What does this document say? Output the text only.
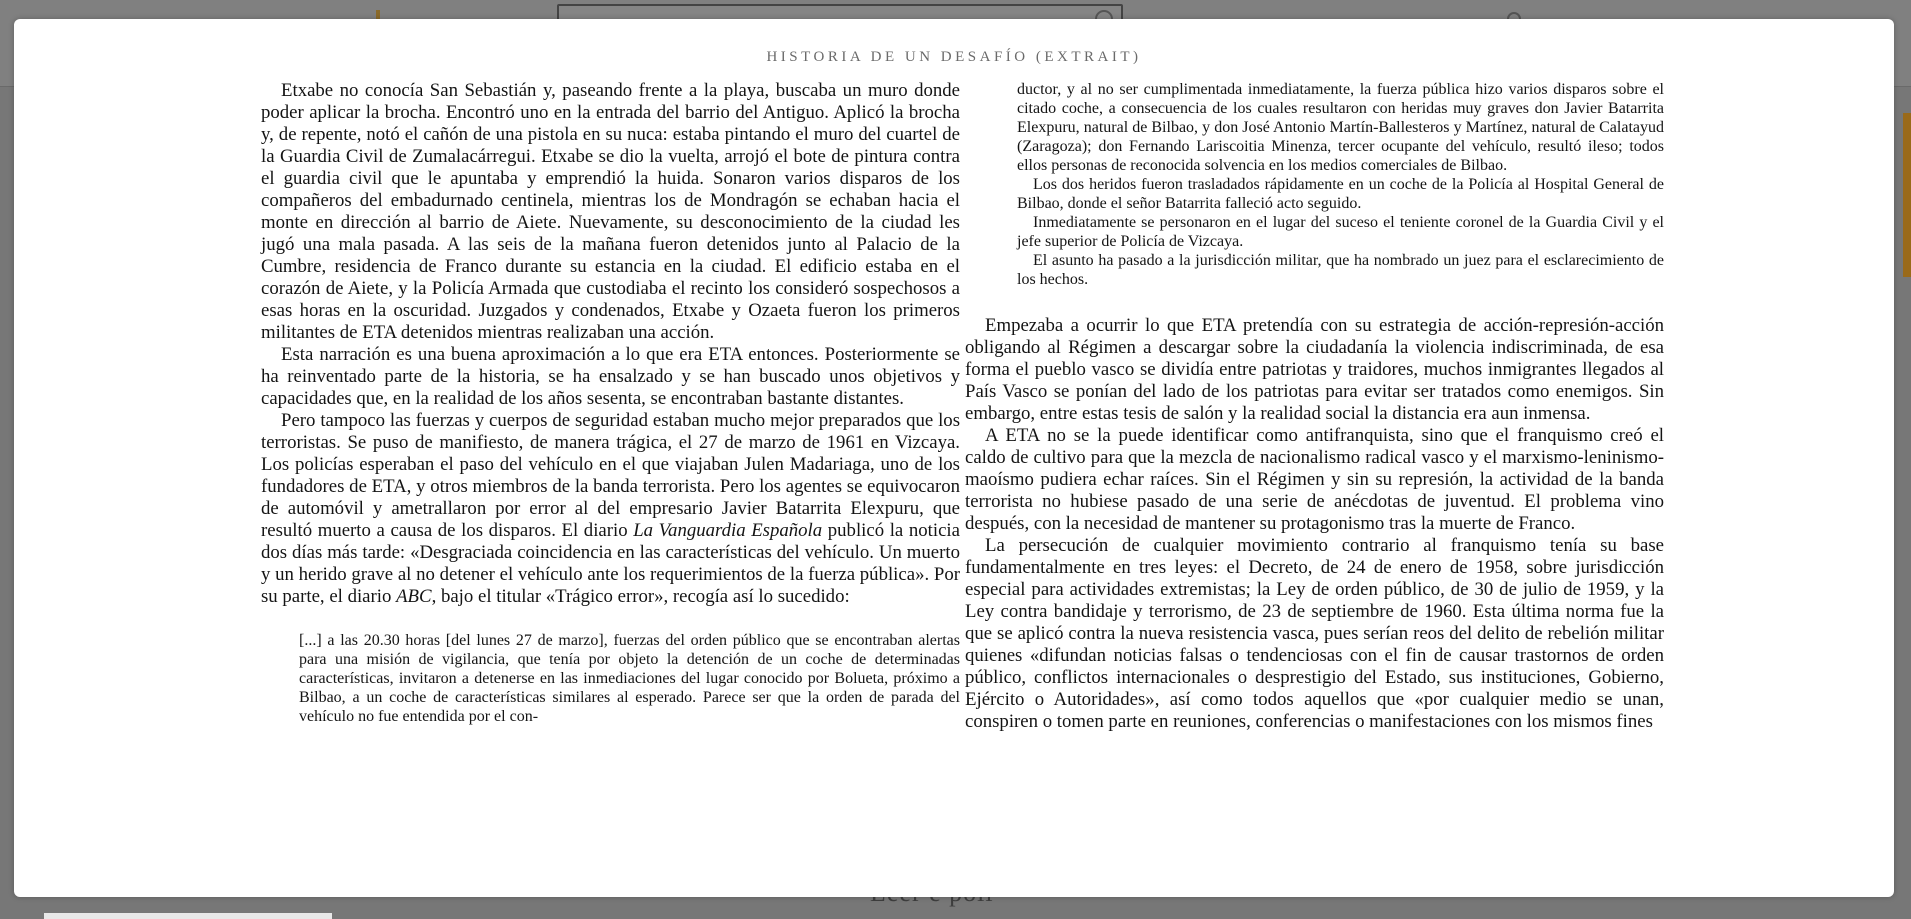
HISTORIA DE UN DESAFÍO (EXTRAIT)

Etxabe no conocía San Sebastián y, paseando frente a la playa, buscaba un muro donde poder aplicar la brocha. Encontró uno en la entrada del barrio del Antiguo. Aplicó la brocha y, de repente, notó el cañón de una pistola en su nuca: estaba pintando el muro del cuartel de la Guardia Civil de Zumalacárregui. Etxabe se dio la vuelta, arrojó el bote de pintura contra el guardia civil que le apuntaba y emprendió la huida. Sonaron varios disparos de los compañeros del embadurnado centinela, mientras los de Mondragón se echaban hacia el monte en dirección al barrio de Aiete. Nuevamente, su desconocimiento de la ciudad les jugó una mala pasada. A las seis de la mañana fueron detenidos junto al Palacio de la Cumbre, residencia de Franco durante su estancia en la ciudad. El edificio estaba en el corazón de Aiete, y la Policía Armada que custodiaba el recinto los consideró sospechosos a esas horas en la oscuridad. Juzgados y condenados, Etxabe y Ozaeta fueron los primeros militantes de ETA detenidos mientras realizaban una acción.

Esta narración es una buena aproximación a lo que era ETA entonces. Posteriormente se ha reinventado parte de la historia, se ha ensalzado y se han buscado unos objetivos y capacidades que, en la realidad de los años sesenta, se encontraban bastante distantes.

Pero tampoco las fuerzas y cuerpos de seguridad estaban mucho mejor preparados que los terroristas. Se puso de manifiesto, de manera trágica, el 27 de marzo de 1961 en Vizcaya. Los policías esperaban el paso del vehículo en el que viajaban Julen Madariaga, uno de los fundadores de ETA, y otros miembros de la banda terrorista. Pero los agentes se equivocaron de automóvil y ametrallaron por error al del empresario Javier Batarrita Elexpuru, que resultó muerto a causa de los disparos. El diario La Vanguardia Española publicó la noticia dos días más tarde: «Desgraciada coincidencia en las características del vehículo. Un muerto y un herido grave al no detener el vehículo ante los requerimientos de la fuerza pública». Por su parte, el diario ABC, bajo el titular «Trágico error», recogía así lo sucedido:

[...] a las 20.30 horas [del lunes 27 de marzo], fuerzas del orden público que se encontraban alertas para una misión de vigilancia, que tenía por objeto la detención de un coche de determinadas características, invitaron a detenerse en las inmediaciones del lugar conocido por Bolueta, próximo a Bilbao, a un coche de características similares al esperado. Parece ser que la orden de parada del vehículo no fue entendida por el con-

ductor, y al no ser cumplimentada inmediatamente, la fuerza pública hizo varios disparos sobre el citado coche, a consecuencia de los cuales resultaron con heridas muy graves don Javier Batarrita Elexpuru, natural de Bilbao, y don José Antonio Martín-Ballesteros y Martínez, natural de Calatayud (Zaragoza); don Fernando Lariscoitia Minenza, tercer ocupante del vehículo, resultó ileso; todos ellos personas de reconocida solvencia en los medios comerciales de Bilbao.

Los dos heridos fueron trasladados rápidamente en un coche de la Policía al Hospital General de Bilbao, donde el señor Batarrita falleció acto seguido.

Inmediatamente se personaron en el lugar del suceso el teniente coronel de la Guardia Civil y el jefe superior de Policía de Vizcaya.

El asunto ha pasado a la jurisdicción militar, que ha nombrado un juez para el esclarecimiento de los hechos.

Empezaba a ocurrir lo que ETA pretendía con su estrategia de acción-represión-acción obligando al Régimen a descargar sobre la ciudadanía la violencia indiscriminada, de esa forma el pueblo vasco se dividía entre patriotas y traidores, muchos inmigrantes llegados al País Vasco se ponían del lado de los patriotas para evitar ser tratados como enemigos. Sin embargo, entre estas tesis de salón y la realidad social la distancia era aun inmensa.

A ETA no se la puede identificar como antifranquista, sino que el franquismo creó el caldo de cultivo para que la mezcla de nacionalismo radical vasco y el marxismo-leninismo-maoísmo pudiera echar raíces. Sin el Régimen y sin su represión, la actividad de la banda terrorista no hubiese pasado de una serie de anécdotas de juventud. El problema vino después, con la necesidad de mantener su protagonismo tras la muerte de Franco.

La persecución de cualquier movimiento contrario al franquismo tenía su base fundamentalmente en tres leyes: el Decreto, de 24 de enero de 1958, sobre jurisdicción especial para actividades extremistas; la Ley de orden público, de 30 de julio de 1959, y la Ley contra bandidaje y terrorismo, de 23 de septiembre de 1960. Esta última norma fue la que se aplicó contra la nueva resistencia vasca, pues serían reos del delito de rebelión militar quienes «difundan noticias falsas o tendenciosas con el fin de causar trastornos de orden público, conflictos internacionales o desprestigio del Estado, sus instituciones, Gobierno, Ejército o Autoridades», así como todos aquellos que «por cualquier medio se unan, conspiren o tomen parte en reuniones, conferencias o manifestaciones con los mismos fines
